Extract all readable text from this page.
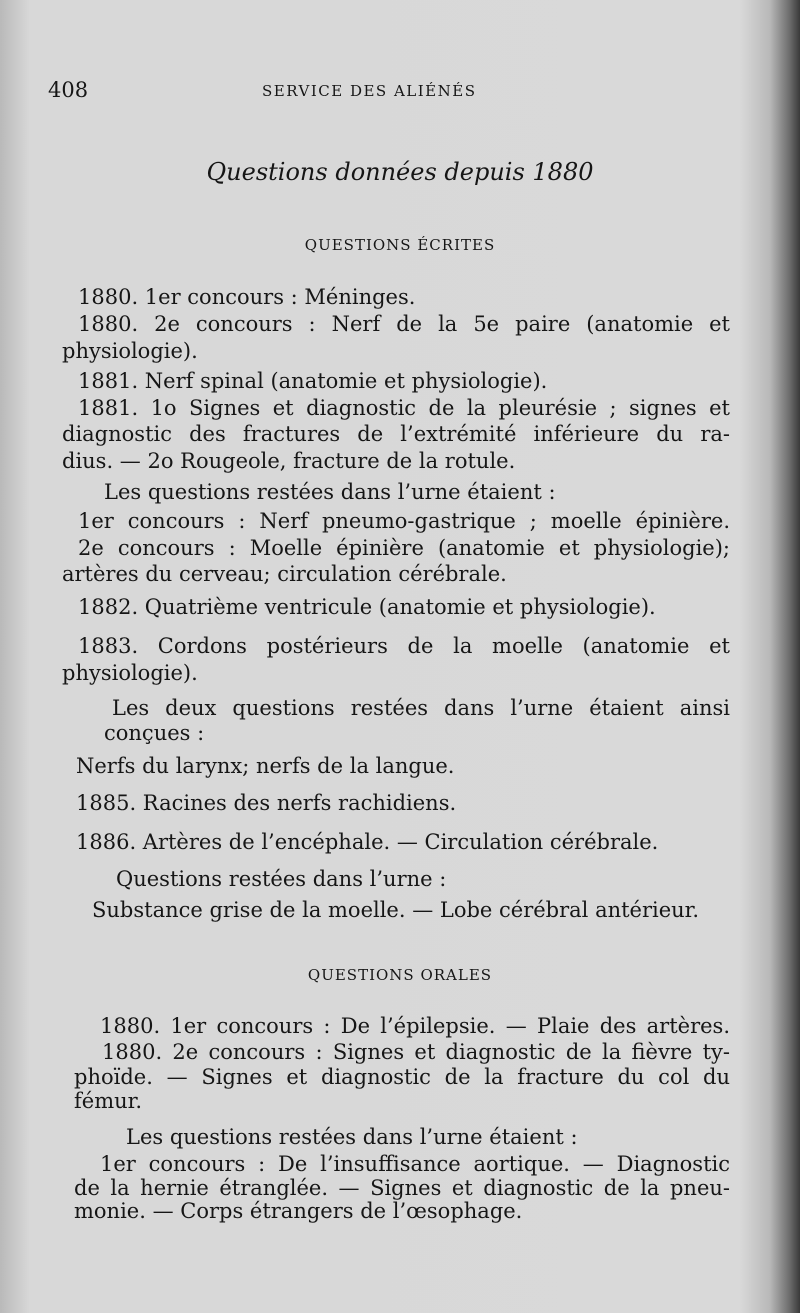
408	SERVICE DES ALIÉNÉS
Questions données depuis 1880
QUESTIONS ÉCRITES
1880. 1er concours : Méninges.
1880. 2e concours : Nerf de la 5e paire (anatomie et
physiologie).
1881. Nerf spinal (anatomie et physiologie).
1881. 1o Signes et diagnostic de la pleurésie ; signes et
diagnostic des fractures de l’extrémité inférieure du ra-
dius. — 2o Rougeole, fracture de la rotule.
Les questions restées dans l’urne étaient :
1er concours : Nerf pneumo-gastrique ; moelle épinière.
2e concours : Moelle épinière (anatomie et physiologie);
artères du cerveau; circulation cérébrale.
1882. Quatrième ventricule (anatomie et physiologie).
1883. Cordons postérieurs de la moelle (anatomie et
physiologie).
Les deux questions restées dans l’urne étaient ainsi
conçues :
Nerfs du larynx; nerfs de la langue.
1885. Racines des nerfs rachidiens.
1886. Artères de l’encéphale. — Circulation cérébrale.
Questions restées dans l’urne :
Substance grise de la moelle. — Lobe cérébral antérieur.
QUESTIONS ORALES
1880. 1er concours : De l’épilepsie. — Plaie des artères.
1880. 2e concours : Signes et diagnostic de la fièvre ty-
phoïde. — Signes et diagnostic de la fracture du col du
fémur.
Les questions restées dans l’urne étaient :
1er concours : De l’insuffisance aortique. — Diagnostic
de la hernie étranglée. — Signes et diagnostic de la pneu-
monie. — Corps étrangers de l’œsophage.
